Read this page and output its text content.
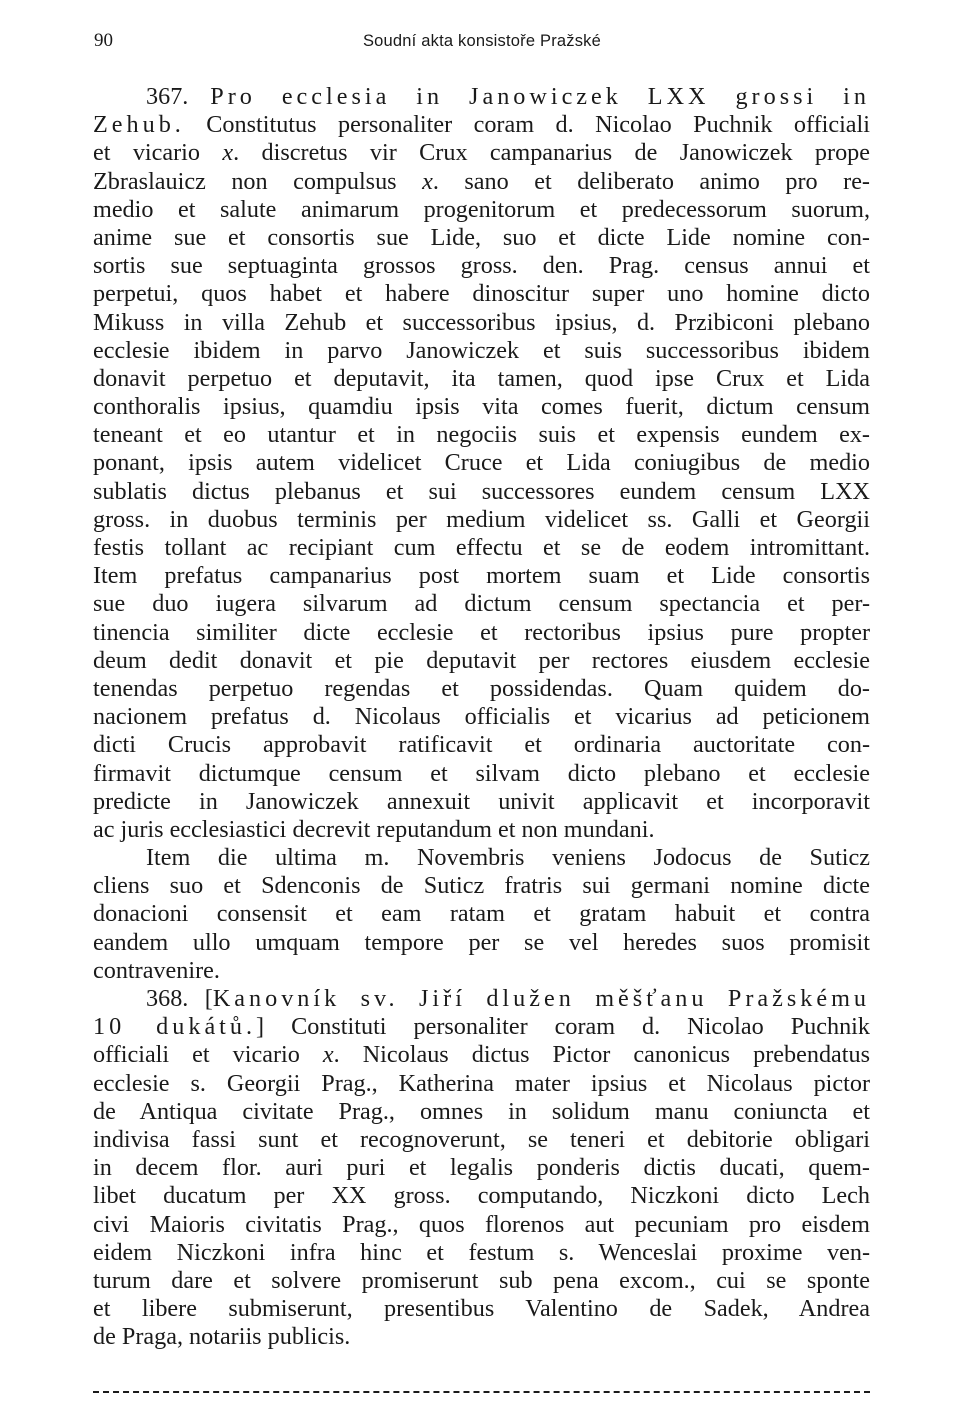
90	Soudní akta konsistoře Pražské
367. Pro ecclesia in Janowiczek LXX grossi in
Zehub. Constitutus personaliter coram d. Nicolao Puchnik officiali
et vicario x. discretus vir Crux campanarius de Janowiczek prope
Zbraslauicz non compulsus x. sano et deliberato animo pro re-
medio et salute animarum progenitorum et predecessorum suorum,
anime sue et consortis sue Lide, suo et dicte Lide nomine con-
sortis sue septuaginta grossos gross. den. Prag. census annui et
perpetui, quos habet et habere dinoscitur super uno homine dicto
Mikuss in villa Zehub et successoribus ipsius, d. Przibiconi plebano
ecclesie ibidem in parvo Janowiczek et suis successoribus ibidem
donavit perpetuo et deputavit, ita tamen, quod ipse Crux et Lida
conthoralis ipsius, quamdiu ipsis vita comes fuerit, dictum censum
teneant et eo utantur et in negociis suis et expensis eundem ex-
ponant, ipsis autem videlicet Cruce et Lida coniugibus de medio
sublatis dictus plebanus et sui successores eundem censum LXX
gross. in duobus terminis per medium videlicet ss. Galli et Georgii
festis tollant ac recipiant cum effectu et se de eodem intromittant.
Item prefatus campanarius post mortem suam et Lide consortis
sue duo iugera silvarum ad dictum censum spectancia et per-
tinencia similiter dicte ecclesie et rectoribus ipsius pure propter
deum dedit donavit et pie deputavit per rectores eiusdem ecclesie
tenendas perpetuo regendas et possidendas. Quam quidem do-
nacionem prefatus d. Nicolaus officialis et vicarius ad peticionem
dicti Crucis approbavit ratificavit et ordinaria auctoritate con-
firmavit dictumque censum et silvam dicto plebano et ecclesie
predicte in Janowiczek annexuit univit applicavit et incorporavit
ac juris ecclesiastici decrevit reputandum et non mundani.
Item die ultima m. Novembris veniens Jodocus de Suticz
cliens suo et Sdenconis de Suticz fratris sui germani nomine dicte
donacioni consensit et eam ratam et gratam habuit et contra
eandem ullo umquam tempore per se vel heredes suos promisit
contravenire.
368. [Kanovník sv. Jiří dlužen měšťanu Pražskému
10 dukátů.] Constituti personaliter coram d. Nicolao Puchnik
officiali et vicario x. Nicolaus dictus Pictor canonicus prebendatus
ecclesie s. Georgii Prag., Katherina mater ipsius et Nicolaus pictor
de Antiqua civitate Prag., omnes in solidum manu coniuncta et
indivisa fassi sunt et recognoverunt, se teneri et debitorie obligari
in decem flor. auri puri et legalis ponderis dictis ducati, quem-
libet ducatum per XX gross. computando, Niczkoni dicto Lech
civi Maioris civitatis Prag., quos florenos aut pecuniam pro eisdem
eidem Niczkoni infra hinc et festum s. Wenceslai proxime ven-
turum dare et solvere promiserunt sub pena excom., cui se sponte
et libere submiserunt, presentibus Valentino de Sadek, Andrea
de Praga, notariis publicis.
